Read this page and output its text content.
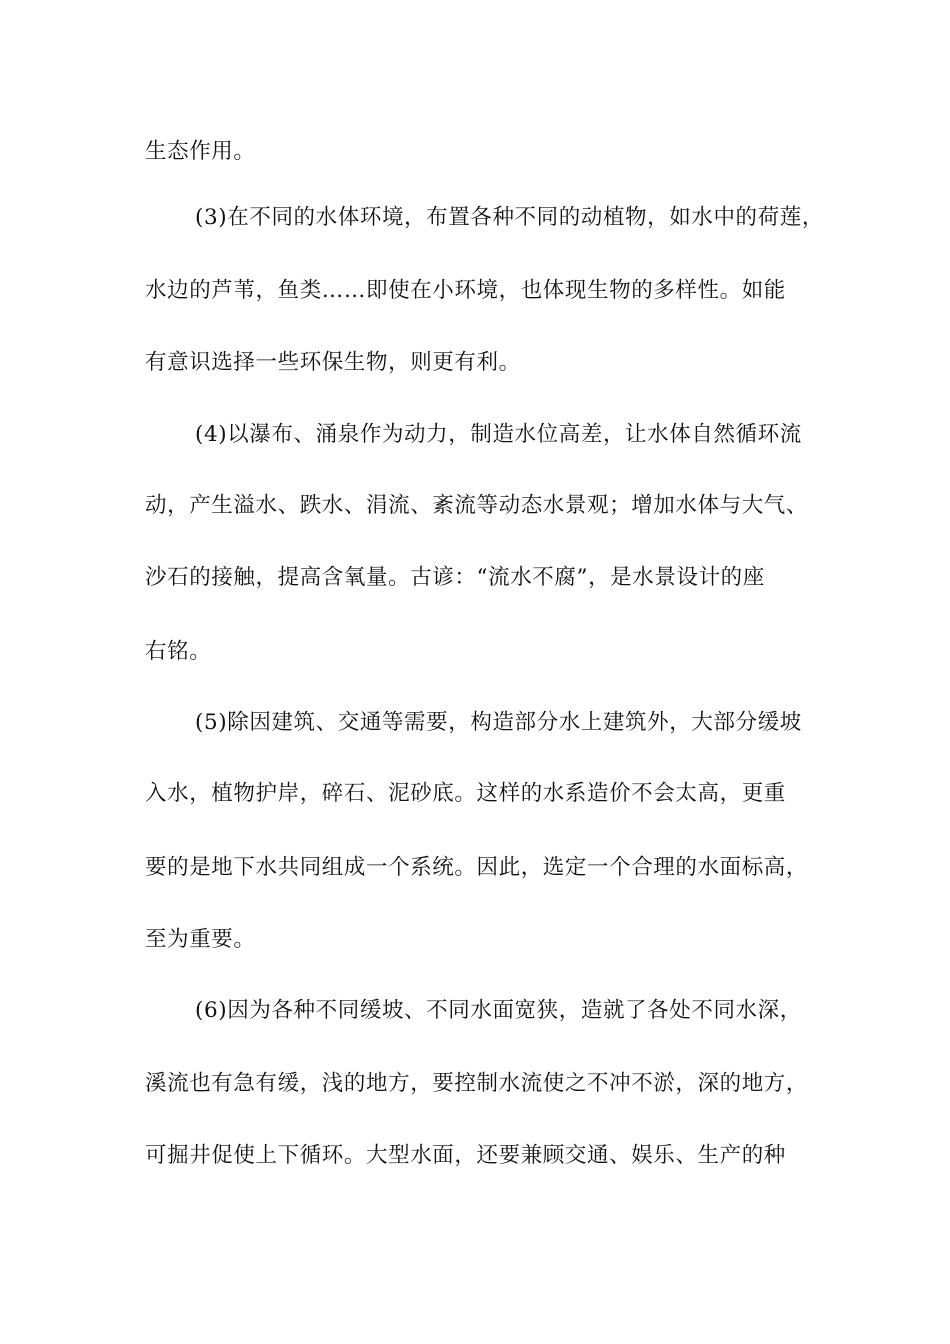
生态作用。
(3)在不同的水体环境，布置各种不同的动植物，如水中的荷莲，
水边的芦苇，鱼类……即使在小环境，也体现生物的多样性。如能
有意识选择一些环保生物，则更有利。
(4)以瀑布、涌泉作为动力，制造水位高差，让水体自然循环流
动，产生溢水、跌水、涓流、紊流等动态水景观；增加水体与大气、
沙石的接触，提高含氧量。古谚：“流水不腐”，是水景设计的座
右铭。
(5)除因建筑、交通等需要，构造部分水上建筑外，大部分缓坡
入水，植物护岸，碎石、泥砂底。这样的水系造价不会太高，更重
要的是地下水共同组成一个系统。因此，选定一个合理的水面标高，
至为重要。
(6)因为各种不同缓坡、不同水面宽狭，造就了各处不同水深，
溪流也有急有缓，浅的地方，要控制水流使之不冲不淤，深的地方，
可掘井促使上下循环。大型水面，还要兼顾交通、娱乐、生产的种
